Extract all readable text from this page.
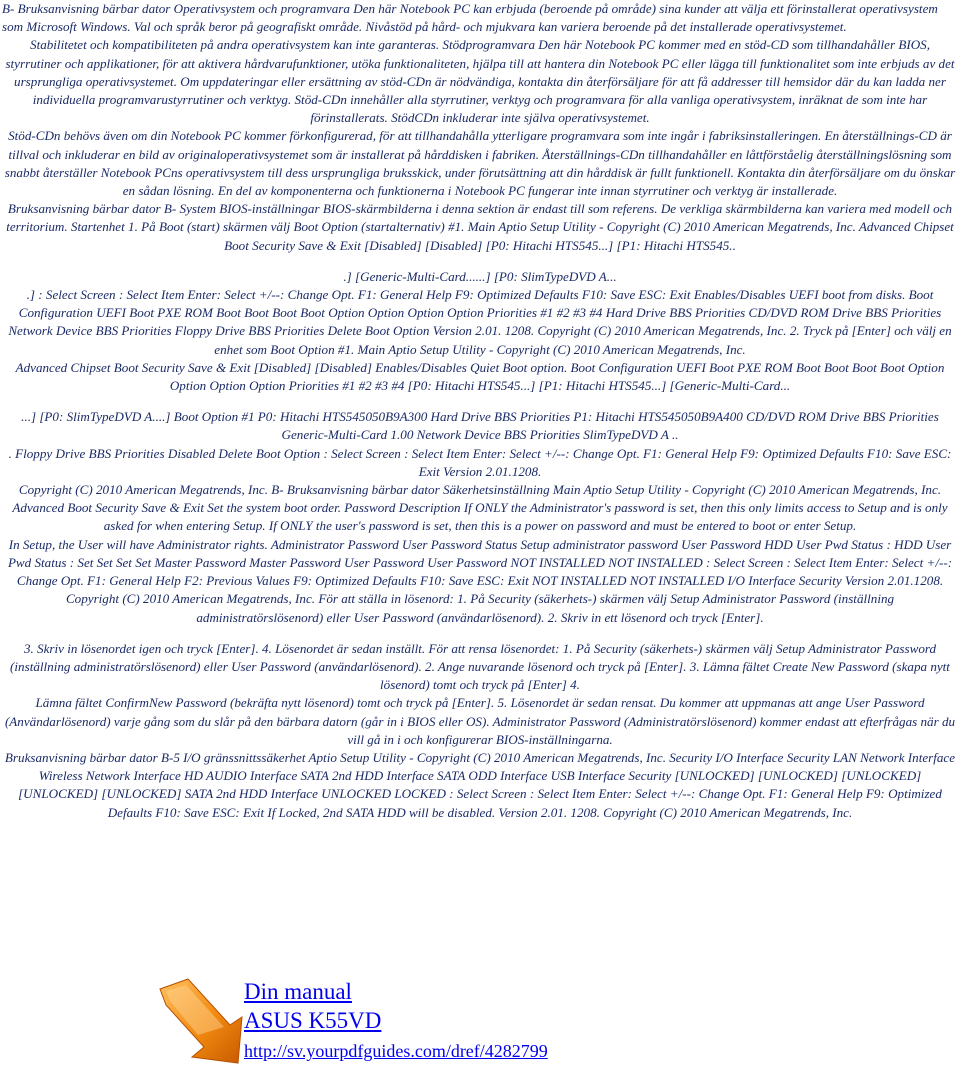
B- Bruksanvisning bärbar dator Operativsystem och programvara Den här Notebook PC kan erbjuda (beroende på område) sina kunder att välja ett förinstallerat operativsystem som Microsoft Windows. Val och språk beror på geografiskt område. Nivåstöd på hård- och mjukvara kan variera beroende på det installerade operativsystemet.

Stabilitetet och kompatibiliteten på andra operativsystem kan inte garanteras. Stödprogramvara Den här Notebook PC kommer med en stöd-CD som tillhandahåller BIOS, styrrutiner och applikationer, för att aktivera hårdvarufunktioner, utöka funktionaliteten, hjälpa till att hantera din Notebook PC eller lägga till funktionalitet som inte erbjuds av det ursprungliga operativsystemet. Om uppdateringar eller ersättning av stöd-CDn är nödvändiga, kontakta din återförsäljare för att få addresser till hemsidor där du kan ladda ner individuella programvarustyrrutiner och verktyg. Stöd-CDn innehåller alla styrrutiner, verktyg och programvara för alla vanliga operativsystem, inräknat de som inte har förinstallerats. StödCDn inkluderar inte själva operativsystemet.

Stöd-CDn behövs även om din Notebook PC kommer förkonfigurerad, för att tillhandahålla ytterligare programvara som inte ingår i fabriksinstalleringen. En återställnings-CD är tillval och inkluderar en bild av originaloperativsystemet som är installerat på hårddisken i fabriken. Återställnings-CDn tillhandahåller en låttförståelig återställningslösning som snabbt återställer Notebook PCns operativsystem till dess ursprungliga bruksskick, under förutsättning att din hårddisk är fullt funktionell. Kontakta din återförsäljare om du önskar en sådan lösning. En del av komponenterna och funktionerna i Notebook PC fungerar inte innan styrrutiner och verktyg är installerade.

Bruksanvisning bärbar dator B- System BIOS-inställningar BIOS-skärmbilderna i denna sektion är endast till som referens. De verkliga skärmbilderna kan variera med modell och territorium. Startenhet 1. På Boot (start) skärmen välj Boot Option (startalternativ) #1. Main Aptio Setup Utility - Copyright (C) 2010 American Megatrends, Inc. Advanced Chipset Boot Security Save & Exit [Disabled] [Disabled] [P0: Hitachi HTS545...] [P1: Hitachi HTS545..

.] [Generic-Multi-Card......] [P0: SlimTypeDVD A...

.] : Select Screen : Select Item Enter: Select +/--: Change Opt. F1: General Help F9: Optimized Defaults F10: Save ESC: Exit Enables/Disables UEFI boot from disks. Boot Configuration UEFI Boot PXE ROM Boot Boot Boot Boot Option Option Option Option Priorities #1 #2 #3 #4 Hard Drive BBS Priorities CD/DVD ROM Drive BBS Priorities Network Device BBS Priorities Floppy Drive BBS Priorities Delete Boot Option Version 2.01. 1208. Copyright (C) 2010 American Megatrends, Inc. 2. Tryck på [Enter] och välj en enhet som Boot Option #1. Main Aptio Setup Utility - Copyright (C) 2010 American Megatrends, Inc.

Advanced Chipset Boot Security Save & Exit [Disabled] [Disabled] Enables/Disables Quiet Boot option. Boot Configuration UEFI Boot PXE ROM Boot Boot Boot Boot Option Option Option Option Priorities #1 #2 #3 #4 [P0: Hitachi HTS545...] [P1: Hitachi HTS545...] [Generic-Multi-Card...

...] [P0: SlimTypeDVD A....] Boot Option #1 P0: Hitachi HTS545050B9A300 Hard Drive BBS Priorities P1: Hitachi HTS545050B9A400 CD/DVD ROM Drive BBS Priorities Generic-Multi-Card 1.00 Network Device BBS Priorities SlimTypeDVD A ..

. Floppy Drive BBS Priorities Disabled Delete Boot Option : Select Screen : Select Item Enter: Select +/--: Change Opt. F1: General Help F9: Optimized Defaults F10: Save ESC: Exit Version 2.01.1208.

Copyright (C) 2010 American Megatrends, Inc. B- Bruksanvisning bärbar dator Säkerhetsinställning Main Aptio Setup Utility - Copyright (C) 2010 American Megatrends, Inc. Advanced Boot Security Save & Exit Set the system boot order. Password Description If ONLY the Administrator's password is set, then this only limits access to Setup and is only asked for when entering Setup. If ONLY the user's password is set, then this is a power on password and must be entered to boot or enter Setup.

In Setup, the User will have Administrator rights. Administrator Password User Password Status Setup administrator password User Password HDD User Pwd Status : HDD User Pwd Status : Set Set Set Set Master Password Master Password User Password User Password NOT INSTALLED NOT INSTALLED : Select Screen : Select Item Enter: Select +/--: Change Opt. F1: General Help F2: Previous Values F9: Optimized Defaults F10: Save ESC: Exit NOT INSTALLED NOT INSTALLED I/O Interface Security Version 2.01.1208. Copyright (C) 2010 American Megatrends, Inc. För att ställa in lösenord: 1. På Security (säkerhets-) skärmen välj Setup Administrator Password (inställning administratörslösenord) eller User Password (användarlösenord). 2. Skriv in ett lösenord och tryck [Enter].

3. Skriv in lösenordet igen och tryck [Enter]. 4. Lösenordet är sedan inställt. För att rensa lösenordet: 1. På Security (säkerhets-) skärmen välj Setup Administrator Password (inställning administratörslösenord) eller User Password (användarlösenord). 2. Ange nuvarande lösenord och tryck på [Enter]. 3. Lämna fältet Create New Password (skapa nytt lösenord) tomt och tryck på [Enter] 4.

Lämna fältet ConfirmNew Password (bekräfta nytt lösenord) tomt och tryck på [Enter]. 5. Lösenordet är sedan rensat. Du kommer att uppmanas att ange User Password (Användarlösenord) varje gång som du slår på den bärbara datorn (går in i BIOS eller OS). Administrator Password (Administratörslösenord) kommer endast att efterfrågas när du vill gå in i och konfigurerar BIOS-inställningarna.

Bruksanvisning bärbar dator B-5 I/O gränssnittssäkerhet Aptio Setup Utility - Copyright (C) 2010 American Megatrends, Inc. Security I/O Interface Security LAN Network Interface Wireless Network Interface HD AUDIO Interface SATA 2nd HDD Interface SATA ODD Interface USB Interface Security [UNLOCKED] [UNLOCKED] [UNLOCKED] [UNLOCKED] [UNLOCKED] SATA 2nd HDD Interface UNLOCKED LOCKED : Select Screen : Select Item Enter: Select +/--: Change Opt. F1: General Help F9: Optimized Defaults F10: Save ESC: Exit If Locked, 2nd SATA HDD will be disabled. Version 2.01. 1208. Copyright (C) 2010 American Megatrends, Inc.

Din manual
ASUS K55VD
http://sv.yourpdfguides.com/dref/4282799
